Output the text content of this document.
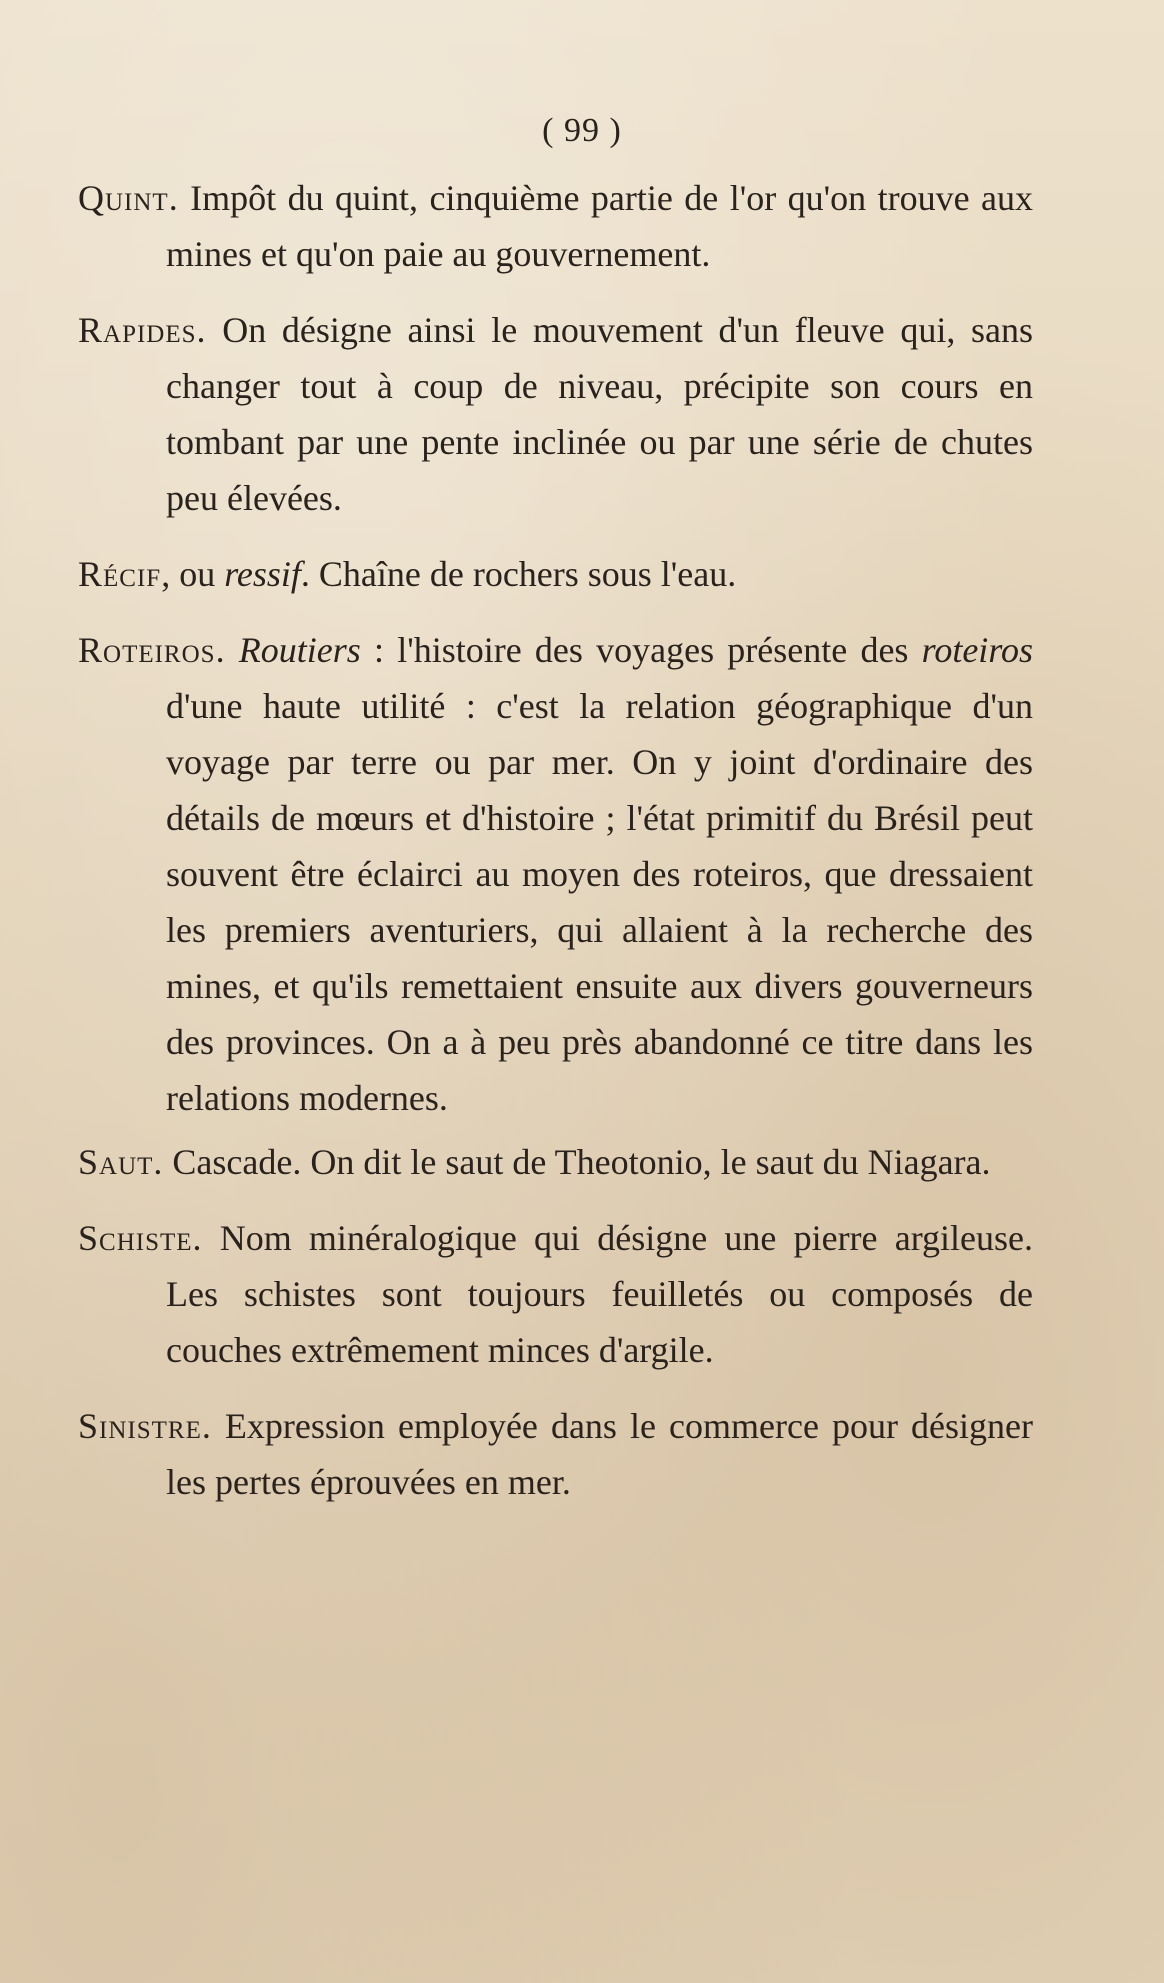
( 99 )

Quint. Impôt du quint, cinquième partie de l'or qu'on trouve aux mines et qu'on paie au gouvernement.

Rapides. On désigne ainsi le mouvement d'un fleuve qui, sans changer tout à coup de niveau, précipite son cours en tombant par une pente inclinée ou par une série de chutes peu élevées.

Récif, ou ressif. Chaîne de rochers sous l'eau.

Roteiros. Routiers : l'histoire des voyages présente des roteiros d'une haute utilité : c'est la relation géographique d'un voyage par terre ou par mer. On y joint d'ordinaire des détails de mœurs et d'histoire ; l'état primitif du Brésil peut souvent être éclairci au moyen des roteiros, que dressaient les premiers aventuriers, qui allaient à la recherche des mines, et qu'ils remettaient ensuite aux divers gouverneurs des provinces. On a à peu près abandonné ce titre dans les relations modernes.

Saut. Cascade. On dit le saut de Theotonio, le saut du Niagara.

Schiste. Nom minéralogique qui désigne une pierre argileuse. Les schistes sont toujours feuilletés ou composés de couches extrêmement minces d'argile.

Sinistre. Expression employée dans le commerce pour désigner les pertes éprouvées en mer.
